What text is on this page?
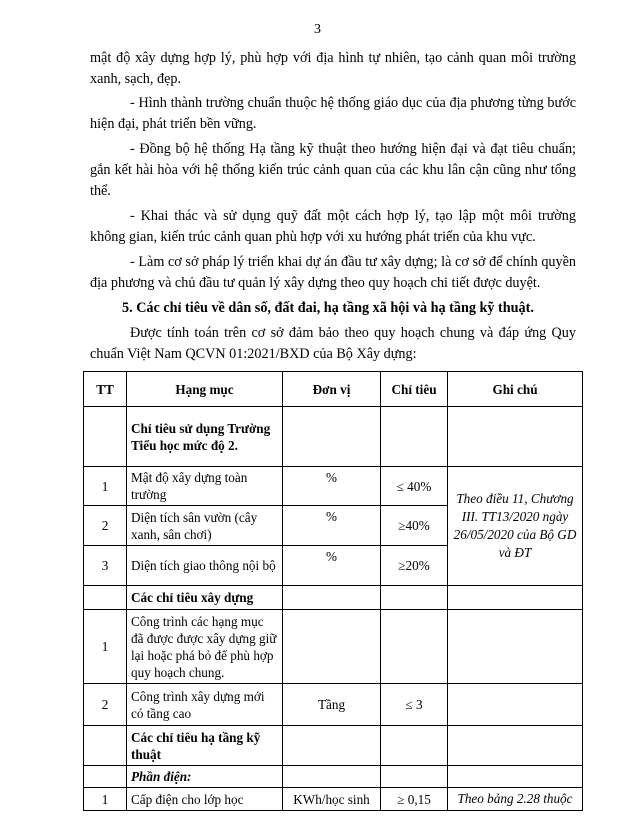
3

mật độ xây dựng hợp lý, phù hợp với địa hình tự nhiên, tạo cảnh quan môi trường xanh, sạch, đẹp.

- Hình thành trường chuẩn thuộc hệ thống giáo dục của địa phương từng bước hiện đại, phát triển bền vững.

- Đồng bộ hệ thống Hạ tầng kỹ thuật theo hướng hiện đại và đạt tiêu chuẩn; gắn kết hài hòa với hệ thống kiến trúc cảnh quan của các khu lân cận cũng như tổng thể.

- Khai thác và sử dụng quỹ đất một cách hợp lý, tạo lập một môi trường không gian, kiến trúc cảnh quan phù hợp với xu hướng phát triển của khu vực.

- Làm cơ sở pháp lý triển khai dự án đầu tư xây dựng; là cơ sở để chính quyền địa phương và chủ đầu tư quản lý xây dựng theo quy hoạch chi tiết được duyệt.

5. Các chỉ tiêu về dân số, đất đai, hạ tầng xã hội và hạ tầng kỹ thuật.

Được tính toán trên cơ sở đảm bảo theo quy hoạch chung và đáp ứng Quy chuẩn Việt Nam QCVN 01:2021/BXD của Bộ Xây dựng:

TT	Hạng mục	Đơn vị	Chỉ tiêu	Ghi chú
	Chỉ tiêu sử dụng Trường Tiểu học mức độ 2.			
1	Mật độ xây dựng toàn trường	%	≤ 40%	Theo điều 11, Chương III. TT13/2020 ngày 26/05/2020 của Bộ GD và ĐT
2	Diện tích sân vườn (cây xanh, sân chơi)	%	≥40%	
3	Diện tích giao thông nội bộ	%	≥20%	
	Các chỉ tiêu xây dựng			
1	Công trình các hạng mục đã được được xây dựng giữ lại hoặc phá bỏ để phù hợp quy hoạch chung.			
2	Công trình xây dựng mới có tầng cao	Tầng	≤ 3	
	Các chỉ tiêu hạ tầng kỹ thuật			
	Phần điện:			
1	Cấp điện cho lớp học	KWh/học sinh	≥ 0,15	Theo bảng 2.28 thuộc
